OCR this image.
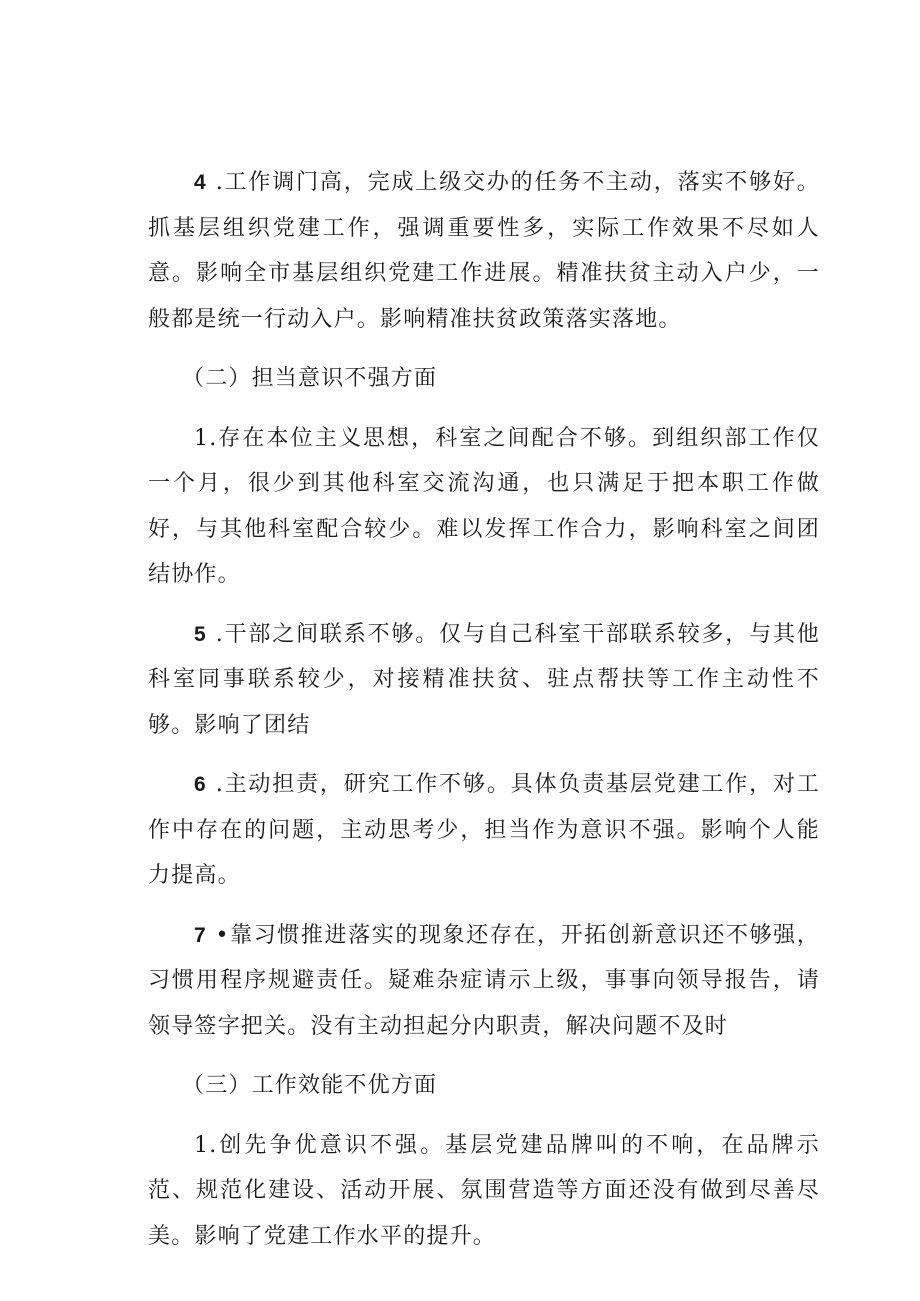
4 .工作调门高，完成上级交办的任务不主动，落实不够好。抓基层组织党建工作，强调重要性多，实际工作效果不尽如人意。影响全市基层组织党建工作进展。精准扶贫主动入户少，一般都是统一行动入户。影响精准扶贫政策落实落地。

（二）担当意识不强方面

1.存在本位主义思想，科室之间配合不够。到组织部工作仅一个月，很少到其他科室交流沟通，也只满足于把本职工作做好，与其他科室配合较少。难以发挥工作合力，影响科室之间团结协作。

5 .干部之间联系不够。仅与自己科室干部联系较多，与其他科室同事联系较少，对接精准扶贫、驻点帮扶等工作主动性不够。影响了团结

6 .主动担责，研究工作不够。具体负责基层党建工作，对工作中存在的问题，主动思考少，担当作为意识不强。影响个人能力提高。

7 •靠习惯推进落实的现象还存在，开拓创新意识还不够强，习惯用程序规避责任。疑难杂症请示上级，事事向领导报告，请领导签字把关。没有主动担起分内职责，解决问题不及时

（三）工作效能不优方面

1.创先争优意识不强。基层党建品牌叫的不响，在品牌示范、规范化建设、活动开展、氛围营造等方面还没有做到尽善尽美。影响了党建工作水平的提升。
